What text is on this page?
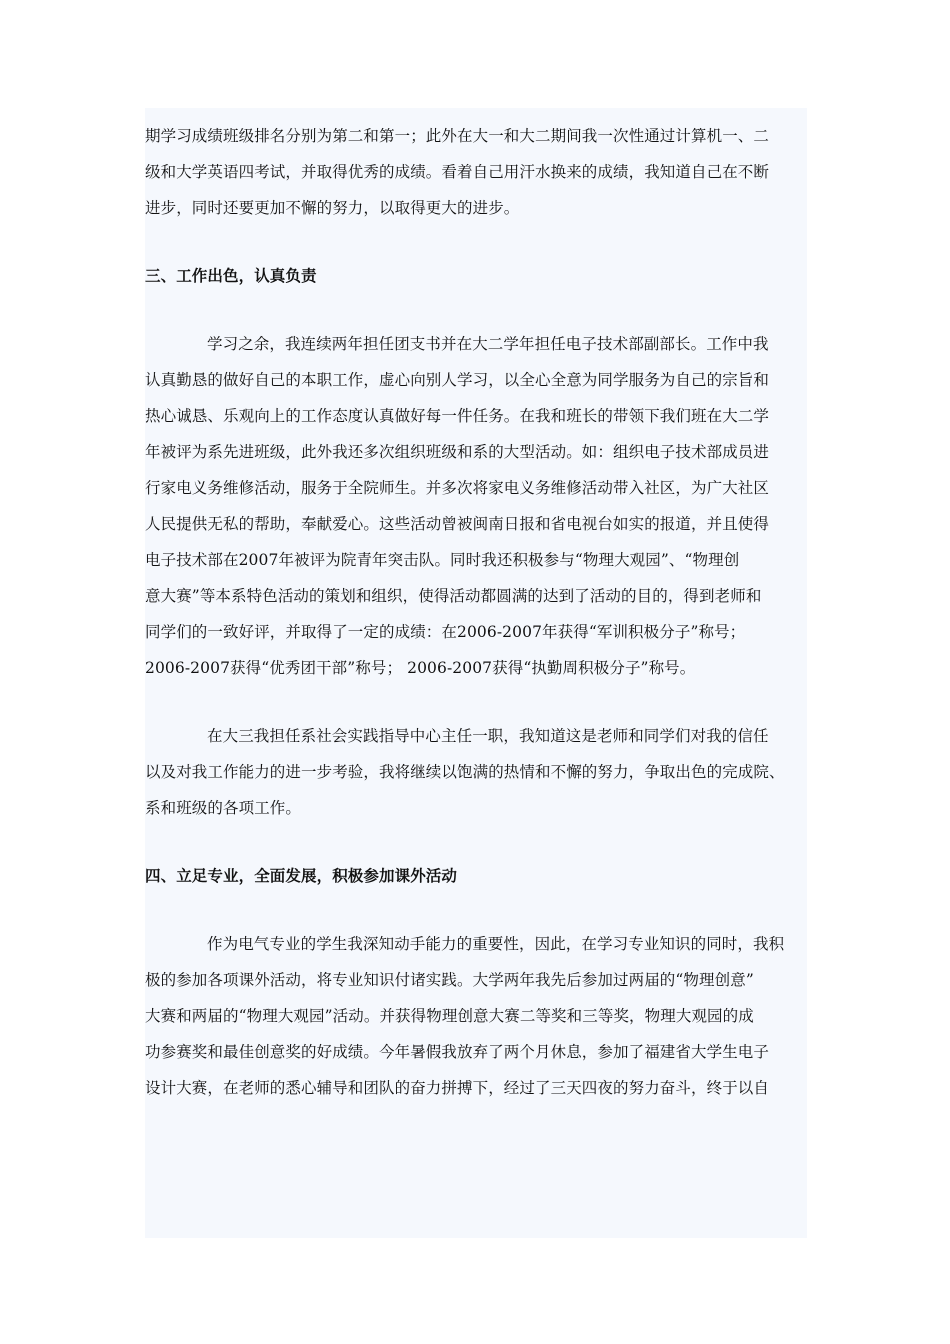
期学习成绩班级排名分别为第二和第一；此外在大一和大二期间我一次性通过计算机一、二
级和大学英语四考试，并取得优秀的成绩。看着自己用汗水换来的成绩，我知道自己在不断
进步，同时还要更加不懈的努力，以取得更大的进步。
三、工作出色，认真负责
学习之余，我连续两年担任团支书并在大二学年担任电子技术部副部长。工作中我
认真勤恳的做好自己的本职工作，虚心向别人学习，以全心全意为同学服务为自己的宗旨和
热心诚恳、乐观向上的工作态度认真做好每一件任务。在我和班长的带领下我们班在大二学
年被评为系先进班级，此外我还多次组织班级和系的大型活动。如：组织电子技术部成员进
行家电义务维修活动，服务于全院师生。并多次将家电义务维修活动带入社区，为广大社区
人民提供无私的帮助，奉献爱心。这些活动曾被闽南日报和省电视台如实的报道，并且使得
电子技术部在2007年被评为院青年突击队。同时我还积极参与“物理大观园”、“物理创
意大赛”等本系特色活动的策划和组织，使得活动都圆满的达到了活动的目的，得到老师和
同学们的一致好评，并取得了一定的成绩：在2006-2007年获得“军训积极分子”称号；
2006-2007获得“优秀团干部”称号； 2006-2007获得“执勤周积极分子”称号。
在大三我担任系社会实践指导中心主任一职，我知道这是老师和同学们对我的信任
以及对我工作能力的进一步考验，我将继续以饱满的热情和不懈的努力，争取出色的完成院、
系和班级的各项工作。
四、立足专业，全面发展，积极参加课外活动
作为电气专业的学生我深知动手能力的重要性，因此，在学习专业知识的同时，我积
极的参加各项课外活动，将专业知识付诸实践。大学两年我先后参加过两届的“物理创意”
大赛和两届的“物理大观园”活动。并获得物理创意大赛二等奖和三等奖，物理大观园的成
功参赛奖和最佳创意奖的好成绩。今年暑假我放弃了两个月休息，参加了福建省大学生电子
设计大赛，在老师的悉心辅导和团队的奋力拼搏下，经过了三天四夜的努力奋斗，终于以自
